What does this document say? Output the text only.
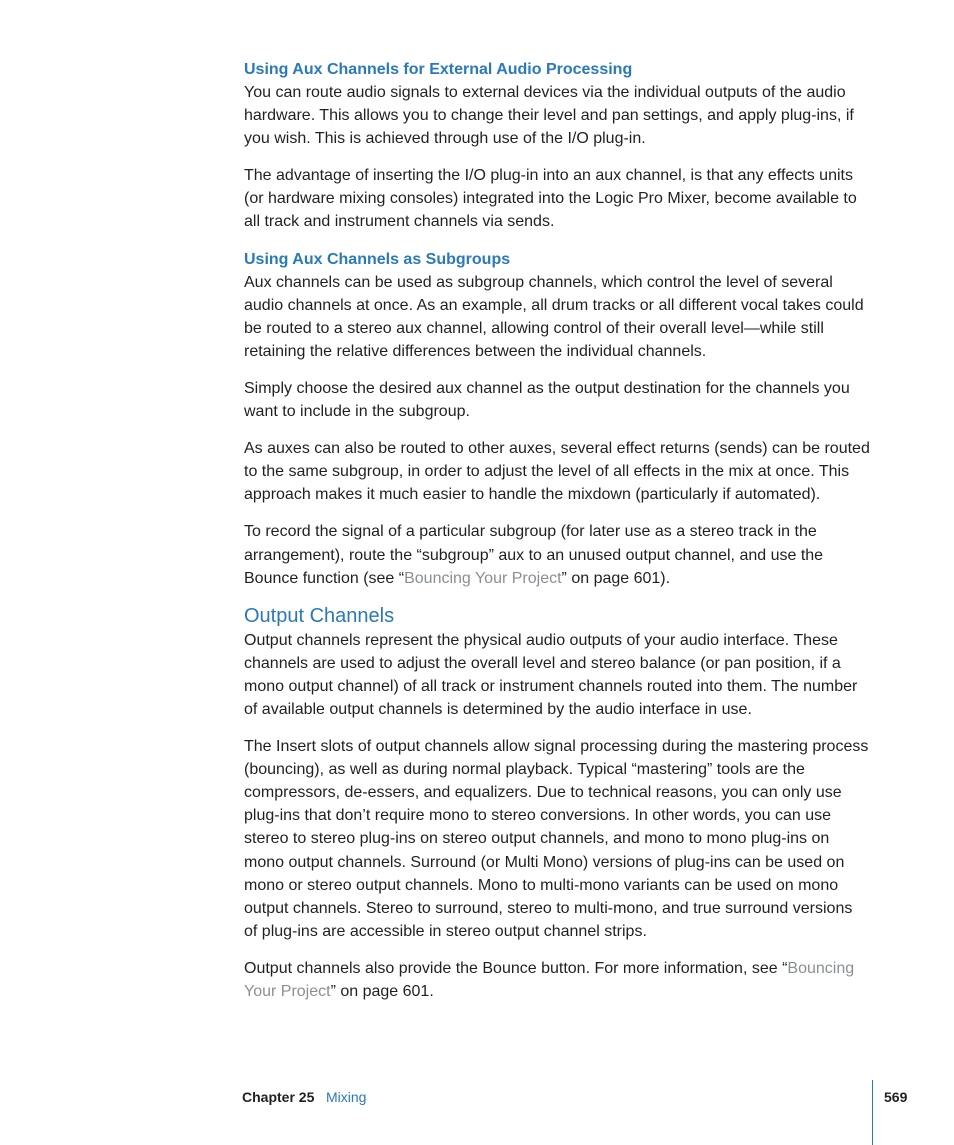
Using Aux Channels for External Audio Processing

You can route audio signals to external devices via the individual outputs of the audio hardware. This allows you to change their level and pan settings, and apply plug-ins, if you wish. This is achieved through use of the I/O plug-in.

The advantage of inserting the I/O plug-in into an aux channel, is that any effects units (or hardware mixing consoles) integrated into the Logic Pro Mixer, become available to all track and instrument channels via sends.

Using Aux Channels as Subgroups

Aux channels can be used as subgroup channels, which control the level of several audio channels at once. As an example, all drum tracks or all different vocal takes could be routed to a stereo aux channel, allowing control of their overall level—while still retaining the relative differences between the individual channels.

Simply choose the desired aux channel as the output destination for the channels you want to include in the subgroup.

As auxes can also be routed to other auxes, several effect returns (sends) can be routed to the same subgroup, in order to adjust the level of all effects in the mix at once. This approach makes it much easier to handle the mixdown (particularly if automated).

To record the signal of a particular subgroup (for later use as a stereo track in the arrangement), route the “subgroup” aux to an unused output channel, and use the Bounce function (see “Bouncing Your Project” on page 601).

Output Channels

Output channels represent the physical audio outputs of your audio interface. These channels are used to adjust the overall level and stereo balance (or pan position, if a mono output channel) of all track or instrument channels routed into them. The number of available output channels is determined by the audio interface in use.

The Insert slots of output channels allow signal processing during the mastering process (bouncing), as well as during normal playback. Typical “mastering” tools are the compressors, de-essers, and equalizers. Due to technical reasons, you can only use plug-ins that don’t require mono to stereo conversions. In other words, you can use stereo to stereo plug-ins on stereo output channels, and mono to mono plug-ins on mono output channels. Surround (or Multi Mono) versions of plug-ins can be used on mono or stereo output channels. Mono to multi-mono variants can be used on mono output channels. Stereo to surround, stereo to multi-mono, and true surround versions of plug-ins are accessible in stereo output channel strips.

Output channels also provide the Bounce button. For more information, see “Bouncing Your Project” on page 601.

Chapter 25 Mixing	569
